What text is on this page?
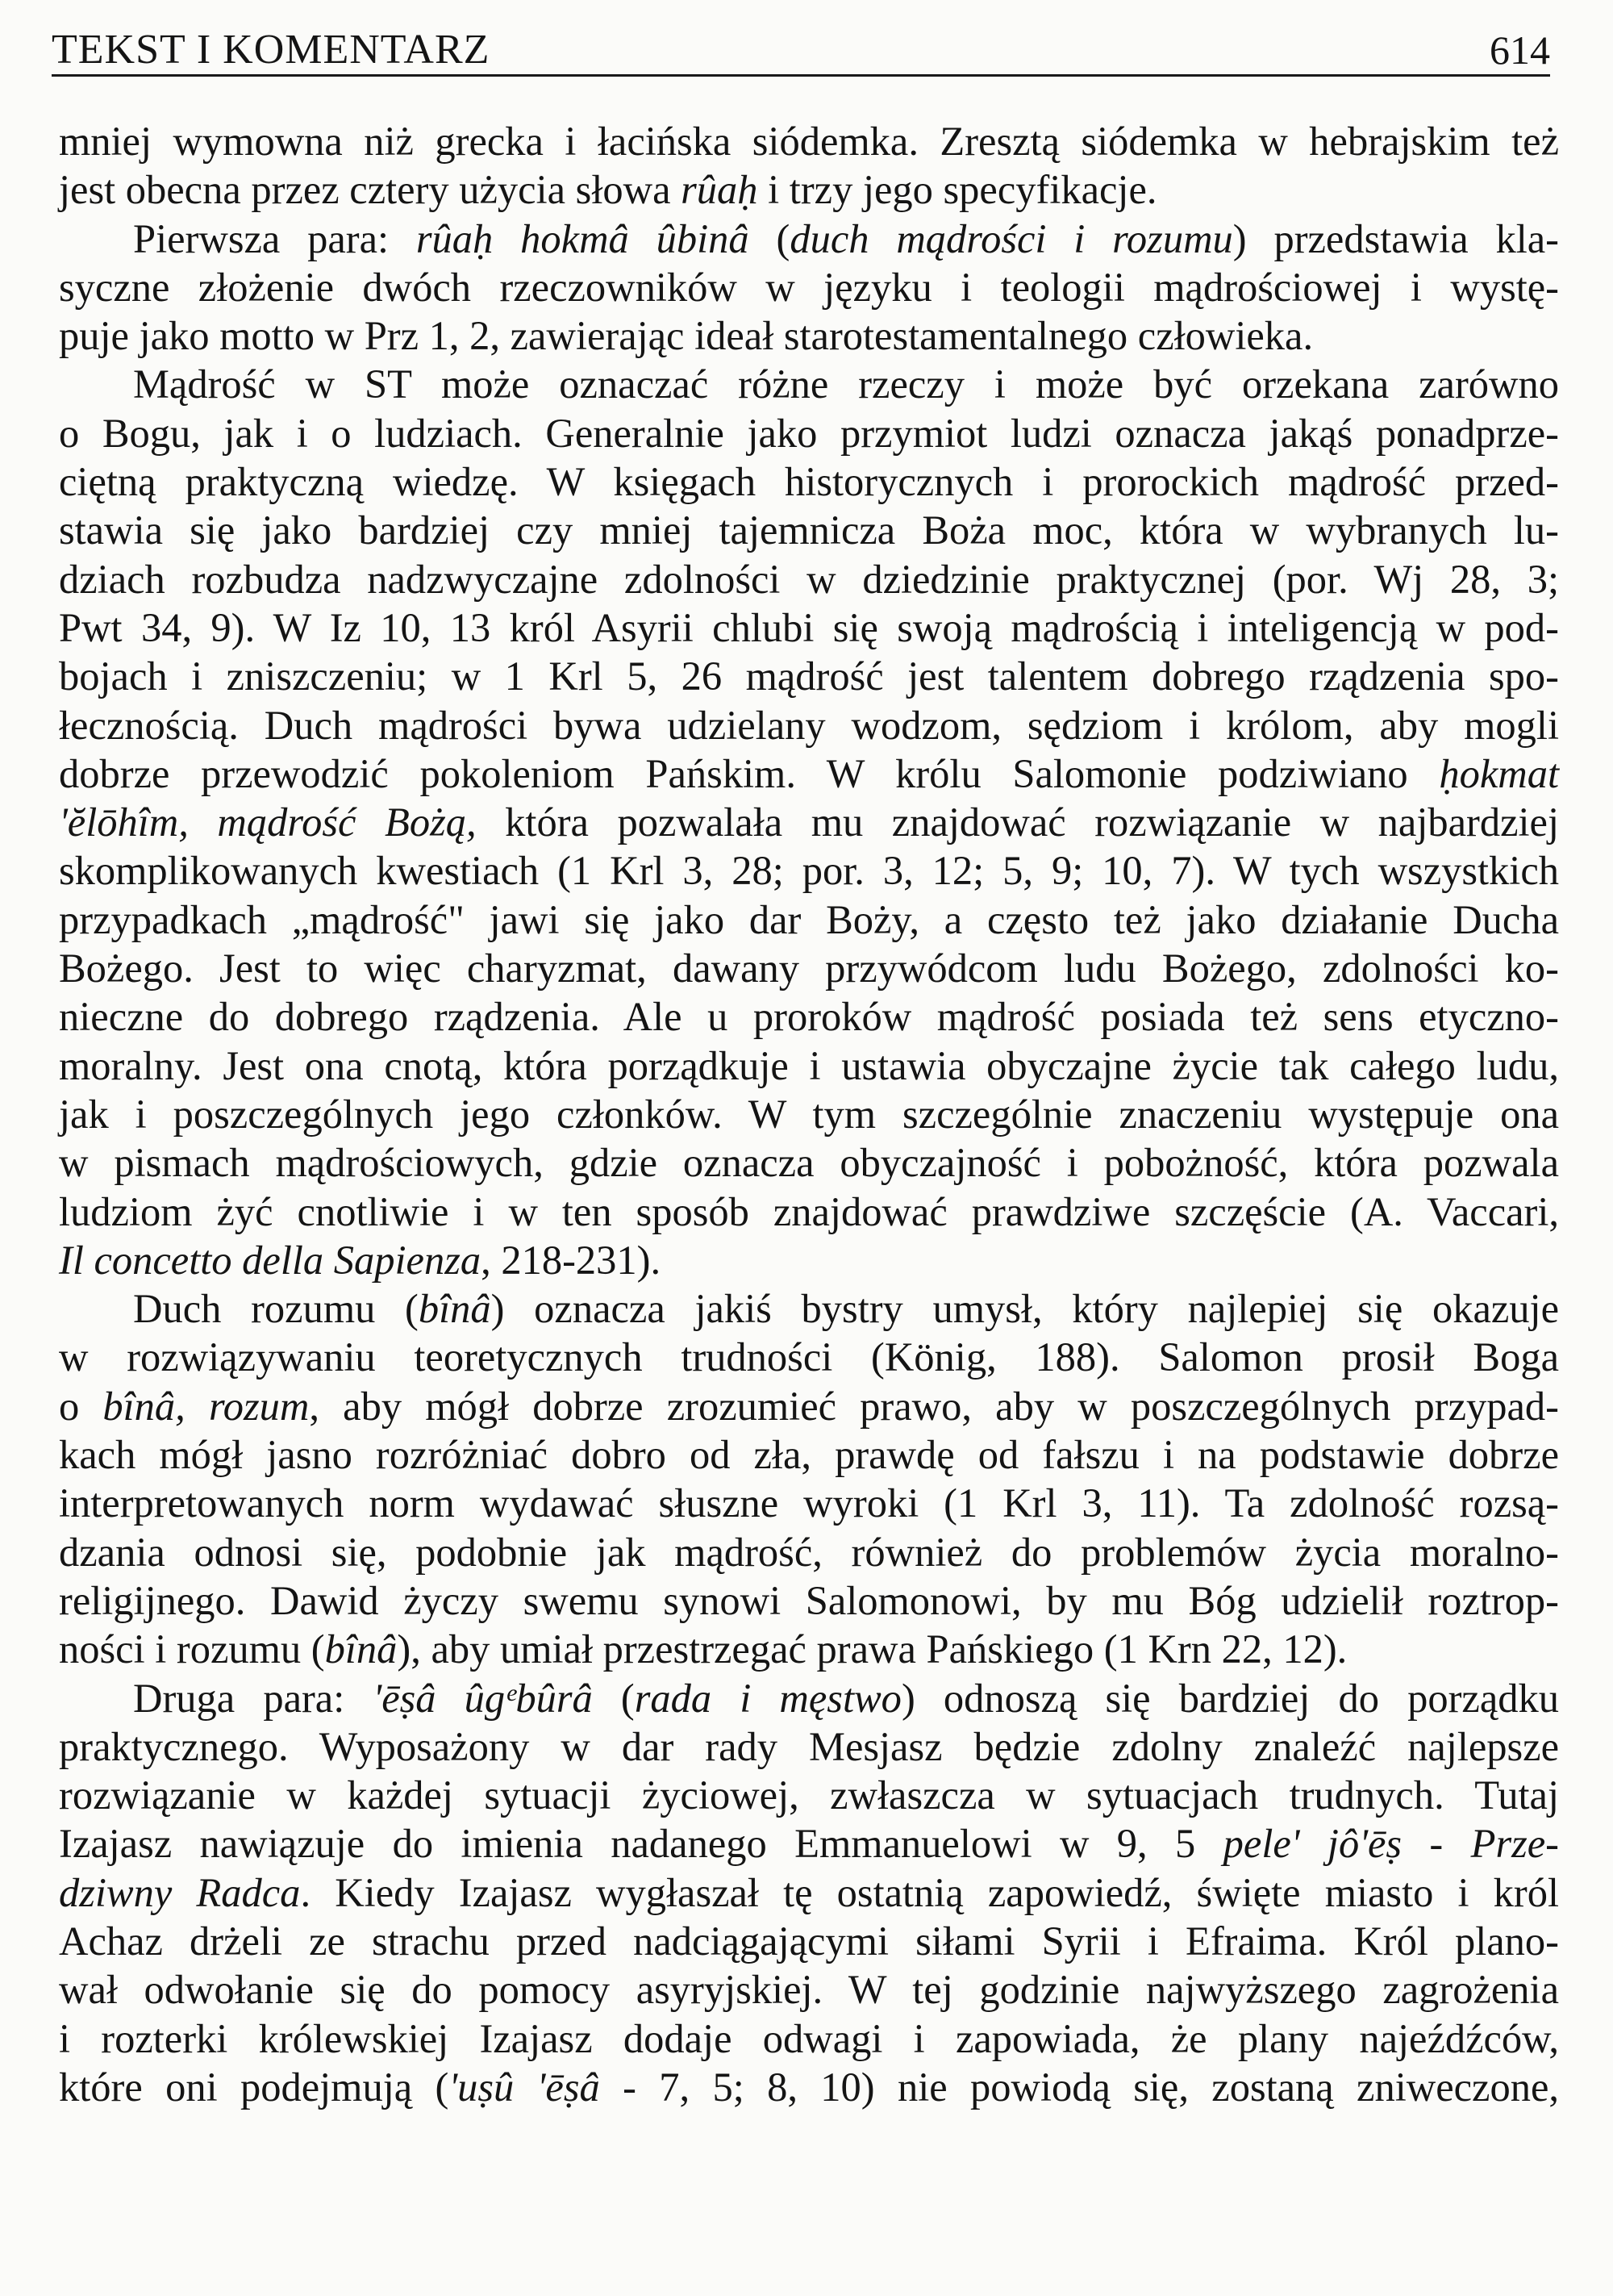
TEKST I KOMENTARZ	614
mniej wymowna niż grecka i łacińska siódemka. Zresztą siódemka w hebrajskim też
jest obecna przez cztery użycia słowa rûaḥ i trzy jego specyfikacje.
Pierwsza para: rûaḥ hokmâ ûbinâ (duch mądrości i rozumu) przedstawia kla-
syczne złożenie dwóch rzeczowników w języku i teologii mądrościowej i wystę-
puje jako motto w Prz 1, 2, zawierając ideał starotestamentalnego człowieka.
Mądrość w ST może oznaczać różne rzeczy i może być orzekana zarówno
o Bogu, jak i o ludziach. Generalnie jako przymiot ludzi oznacza jakąś ponadprze-
ciętną praktyczną wiedzę. W księgach historycznych i prorockich mądrość przed-
stawia się jako bardziej czy mniej tajemnicza Boża moc, która w wybranych lu-
dziach rozbudza nadzwyczajne zdolności w dziedzinie praktycznej (por. Wj 28, 3;
Pwt 34, 9). W Iz 10, 13 król Asyrii chlubi się swoją mądrością i inteligencją w pod-
bojach i zniszczeniu; w 1 Krl 5, 26 mądrość jest talentem dobrego rządzenia spo-
łecznością. Duch mądrości bywa udzielany wodzom, sędziom i królom, aby mogli
dobrze przewodzić pokoleniom Pańskim. W królu Salomonie podziwiano ḥokmat
'ĕlōhîm, mądrość Bożą, która pozwalała mu znajdować rozwiązanie w najbardziej
skomplikowanych kwestiach (1 Krl 3, 28; por. 3, 12; 5, 9; 10, 7). W tych wszystkich
przypadkach „mądrość" jawi się jako dar Boży, a często też jako działanie Ducha
Bożego. Jest to więc charyzmat, dawany przywódcom ludu Bożego, zdolności ko-
nieczne do dobrego rządzenia. Ale u proroków mądrość posiada też sens etyczno-
moralny. Jest ona cnotą, która porządkuje i ustawia obyczajne życie tak całego ludu,
jak i poszczególnych jego członków. W tym szczególnie znaczeniu występuje ona
w pismach mądrościowych, gdzie oznacza obyczajność i pobożność, która pozwala
ludziom żyć cnotliwie i w ten sposób znajdować prawdziwe szczęście (A. Vaccari,
Il concetto della Sapienza, 218-231).
Duch rozumu (bînâ) oznacza jakiś bystry umysł, który najlepiej się okazuje
w rozwiązywaniu teoretycznych trudności (König, 188). Salomon prosił Boga
o bînâ, rozum, aby mógł dobrze zrozumieć prawo, aby w poszczególnych przypad-
kach mógł jasno rozróżniać dobro od zła, prawdę od fałszu i na podstawie dobrze
interpretowanych norm wydawać słuszne wyroki (1 Krl 3, 11). Ta zdolność rozsą-
dzania odnosi się, podobnie jak mądrość, również do problemów życia moralno-
religijnego. Dawid życzy swemu synowi Salomonowi, by mu Bóg udzielił roztrop-
ności i rozumu (bînâ), aby umiał przestrzegać prawa Pańskiego (1 Krn 22, 12).
Druga para: 'ēṣâ ûgᵉbûrâ (rada i męstwo) odnoszą się bardziej do porządku
praktycznego. Wyposażony w dar rady Mesjasz będzie zdolny znaleźć najlepsze
rozwiązanie w każdej sytuacji życiowej, zwłaszcza w sytuacjach trudnych. Tutaj
Izajasz nawiązuje do imienia nadanego Emmanuelowi w 9, 5 pele' jô'ēṣ - Prze-
dziwny Radca. Kiedy Izajasz wygłaszał tę ostatnią zapowiedź, święte miasto i król
Achaz drżeli ze strachu przed nadciągającymi siłami Syrii i Efraima. Król plano-
wał odwołanie się do pomocy asyryjskiej. W tej godzinie najwyższego zagrożenia
i rozterki królewskiej Izajasz dodaje odwagi i zapowiada, że plany najeźdźców,
które oni podejmują ('uṣû 'ēṣâ - 7, 5; 8, 10) nie powiodą się, zostaną zniweczone,
